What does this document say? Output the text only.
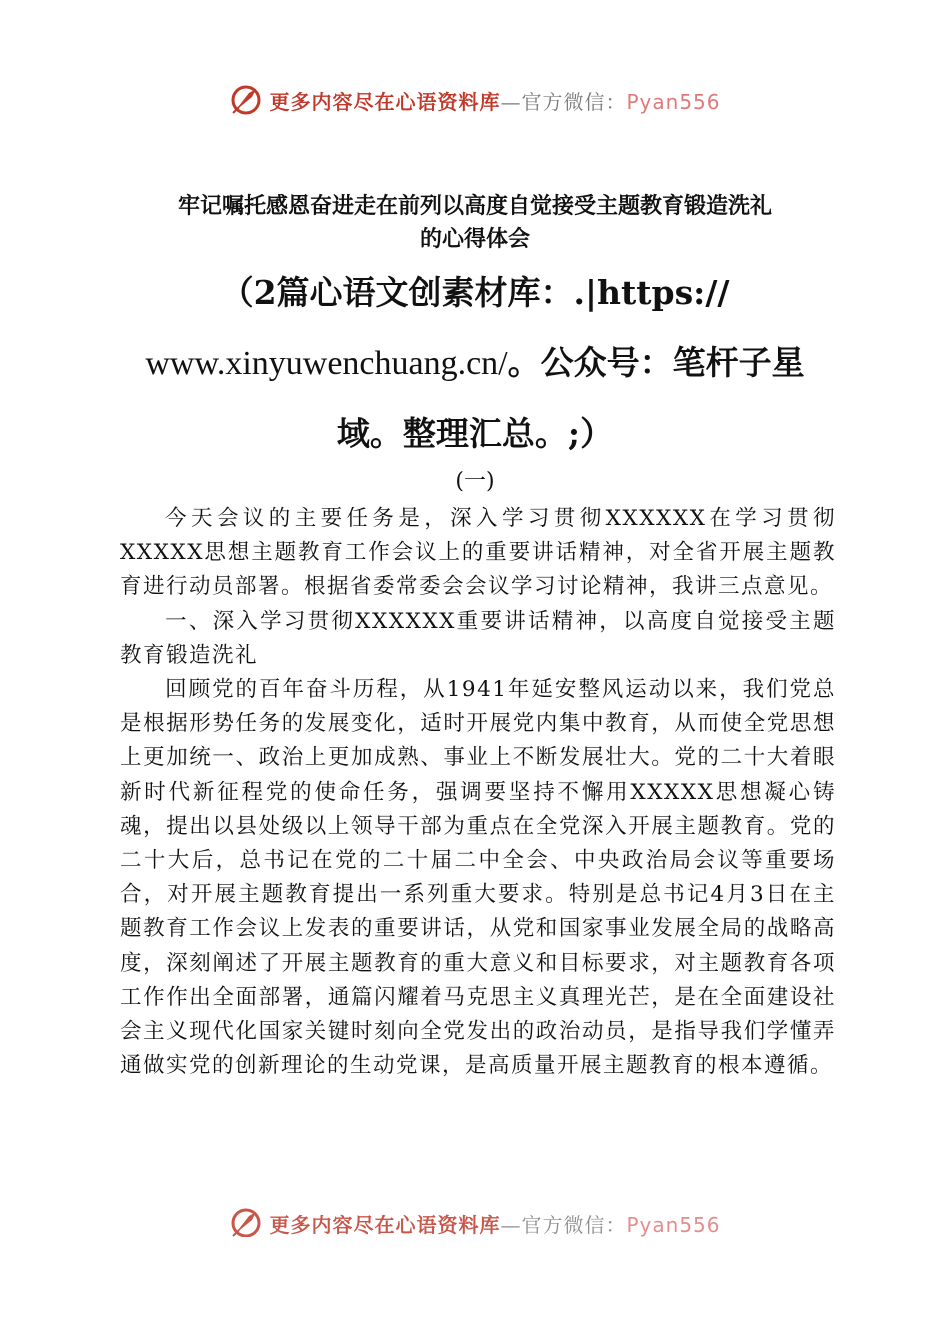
更多内容尽在心语资料库—官方微信：Pyan556
牢记嘱托感恩奋进走在前列以高度自觉接受主题教育锻造洗礼
的心得体会
（2篇心语文创素材库：.|https://
www.xinyuwenchuang.cn/。公众号：笔杆子星
域。整理汇总。;）
(一)

今天会议的主要任务是，深入学习贯彻XXXXXX在学习贯彻XXXXX思想主题教育工作会议上的重要讲话精神，对全省开展主题教育进行动员部署。根据省委常委会会议学习讨论精神，我讲三点意见。

一、深入学习贯彻XXXXXX重要讲话精神，以高度自觉接受主题教育锻造洗礼

回顾党的百年奋斗历程，从1941年延安整风运动以来，我们党总是根据形势任务的发展变化，适时开展党内集中教育，从而使全党思想上更加统一、政治上更加成熟、事业上不断发展壮大。党的二十大着眼新时代新征程党的使命任务，强调要坚持不懈用XXXXX思想凝心铸魂，提出以县处级以上领导干部为重点在全党深入开展主题教育。党的二十大后，总书记在党的二十届二中全会、中央政治局会议等重要场合，对开展主题教育提出一系列重大要求。特别是总书记4月3日在主题教育工作会议上发表的重要讲话，从党和国家事业发展全局的战略高度，深刻阐述了开展主题教育的重大意义和目标要求，对主题教育各项工作作出全面部署，通篇闪耀着马克思主义真理光芒，是在全面建设社会主义现代化国家关键时刻向全党发出的政治动员，是指导我们学懂弄通做实党的创新理论的生动党课，是高质量开展主题教育的根本遵循。

更多内容尽在心语资料库—官方微信：Pyan556
